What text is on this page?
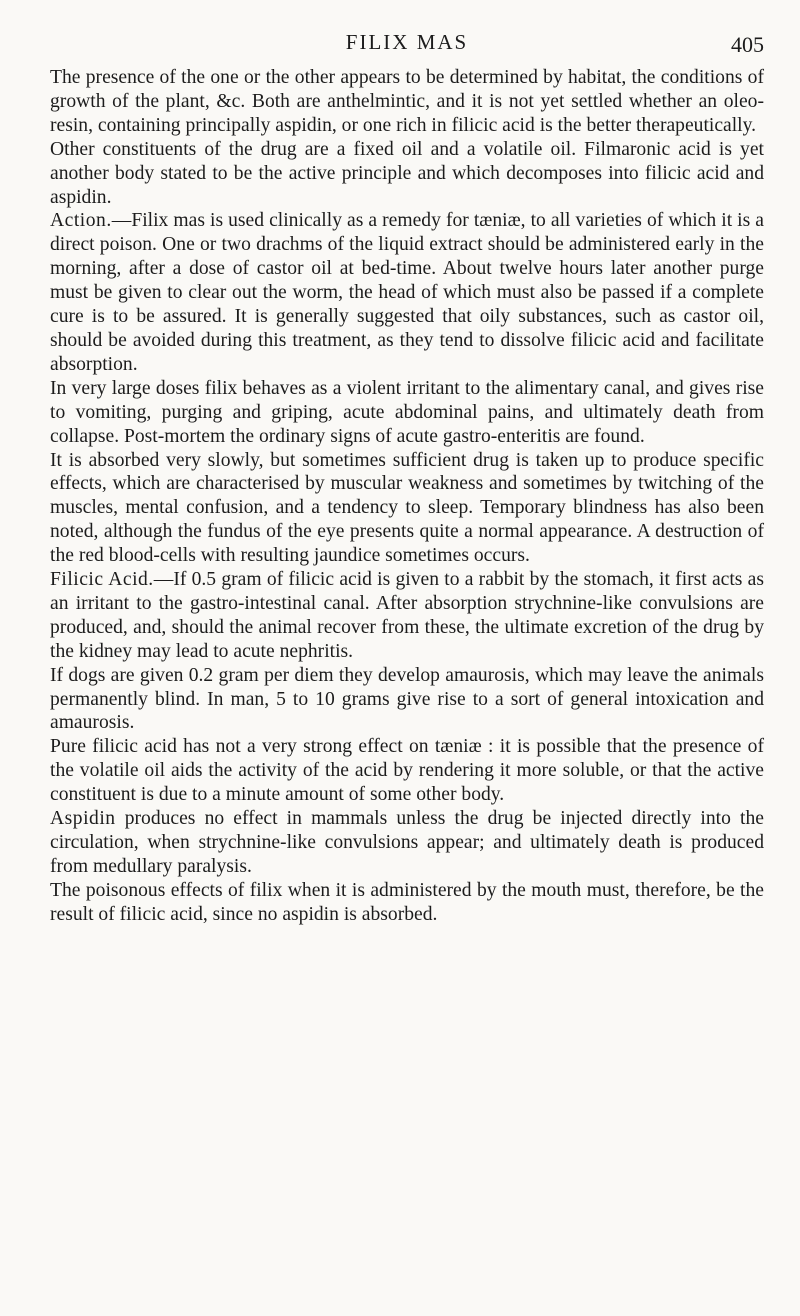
FILIX MAS	405

The presence of the one or the other appears to be determined by habitat, the conditions of growth of the plant, &c. Both are anthelmintic, and it is not yet settled whether an oleo-resin, containing principally aspidin, or one rich in filicic acid is the better therapeutically.

Other constituents of the drug are a fixed oil and a volatile oil. Filmaronic acid is yet another body stated to be the active principle and which decomposes into filicic acid and aspidin.

Action.—Filix mas is used clinically as a remedy for tæniæ, to all varieties of which it is a direct poison. One or two drachms of the liquid extract should be administered early in the morning, after a dose of castor oil at bed-time. About twelve hours later another purge must be given to clear out the worm, the head of which must also be passed if a complete cure is to be assured. It is generally suggested that oily substances, such as castor oil, should be avoided during this treatment, as they tend to dissolve filicic acid and facilitate absorption.

In very large doses filix behaves as a violent irritant to the alimentary canal, and gives rise to vomiting, purging and griping, acute abdominal pains, and ultimately death from collapse. Post-mortem the ordinary signs of acute gastro-enteritis are found.

It is absorbed very slowly, but sometimes sufficient drug is taken up to produce specific effects, which are characterised by muscular weakness and sometimes by twitching of the muscles, mental confusion, and a tendency to sleep. Temporary blindness has also been noted, although the fundus of the eye presents quite a normal appearance. A destruction of the red blood-cells with resulting jaundice sometimes occurs.

Filicic Acid.—If 0.5 gram of filicic acid is given to a rabbit by the stomach, it first acts as an irritant to the gastro-intestinal canal. After absorption strychnine-like convulsions are produced, and, should the animal recover from these, the ultimate excretion of the drug by the kidney may lead to acute nephritis.

If dogs are given 0.2 gram per diem they develop amaurosis, which may leave the animals permanently blind. In man, 5 to 10 grams give rise to a sort of general intoxication and amaurosis.

Pure filicic acid has not a very strong effect on tæniæ : it is possible that the presence of the volatile oil aids the activity of the acid by rendering it more soluble, or that the active constituent is due to a minute amount of some other body.

Aspidin produces no effect in mammals unless the drug be injected directly into the circulation, when strychnine-like convulsions appear; and ultimately death is produced from medullary paralysis.

The poisonous effects of filix when it is administered by the mouth must, therefore, be the result of filicic acid, since no aspidin is absorbed.
